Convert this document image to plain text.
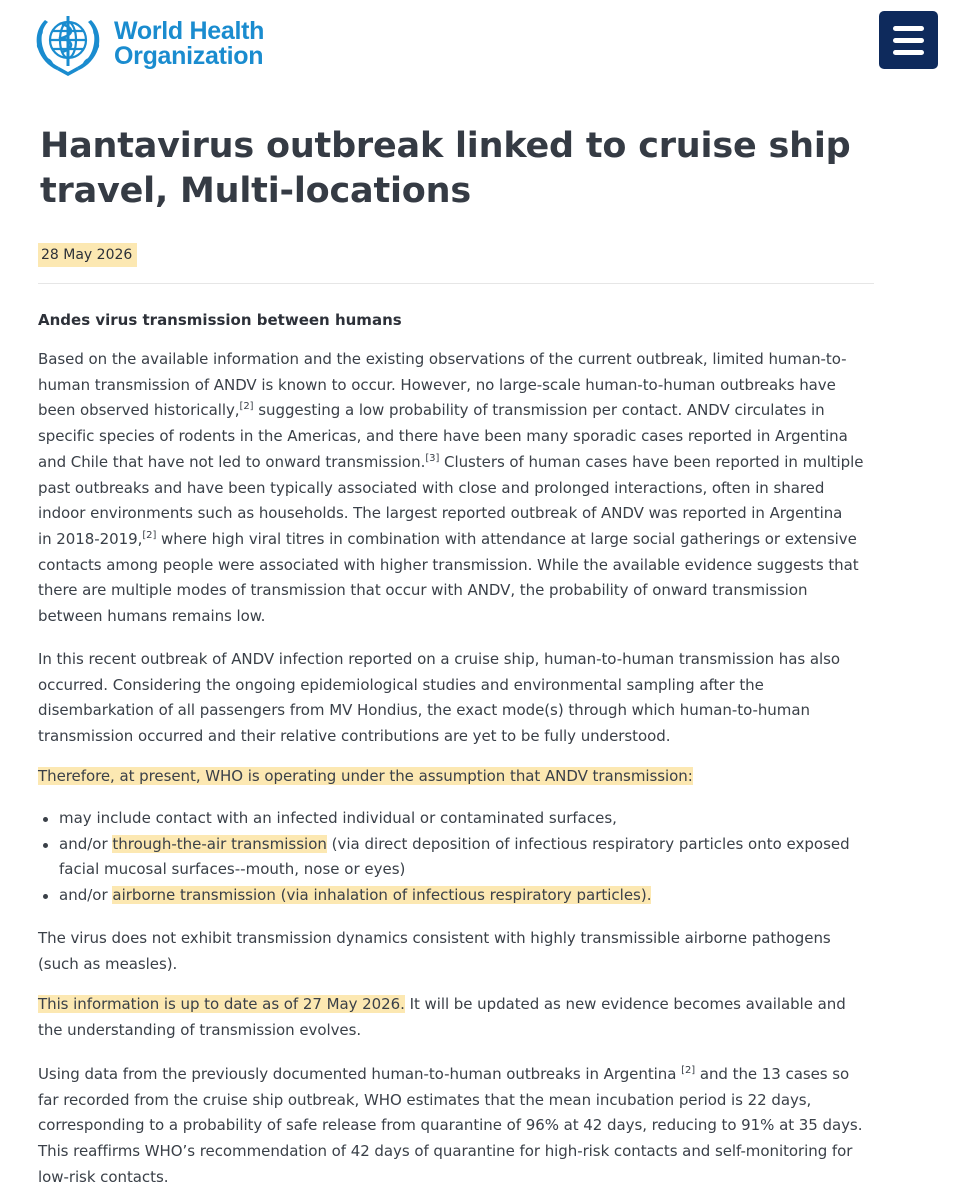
World Health
Organization
Hantavirus outbreak linked to cruise ship
travel, Multi-locations
28 May 2026
Andes virus transmission between humans

Based on the available information and the existing observations of the current outbreak, limited human-to-
human transmission of ANDV is known to occur. However, no large-scale human-to-human outbreaks have
been observed historically,[2] suggesting a low probability of transmission per contact. ANDV circulates in
specific species of rodents in the Americas, and there have been many sporadic cases reported in Argentina
and Chile that have not led to onward transmission.[3] Clusters of human cases have been reported in multiple
past outbreaks and have been typically associated with close and prolonged interactions, often in shared
indoor environments such as households. The largest reported outbreak of ANDV was reported in Argentina
in 2018-2019,[2] where high viral titres in combination with attendance at large social gatherings or extensive
contacts among people were associated with higher transmission. While the available evidence suggests that
there are multiple modes of transmission that occur with ANDV, the probability of onward transmission
between humans remains low.

In this recent outbreak of ANDV infection reported on a cruise ship, human-to-human transmission has also
occurred. Considering the ongoing epidemiological studies and environmental sampling after the
disembarkation of all passengers from MV Hondius, the exact mode(s) through which human-to-human
transmission occurred and their relative contributions are yet to be fully understood.

Therefore, at present, WHO is operating under the assumption that ANDV transmission:

may include contact with an infected individual or contaminated surfaces,
and/or through-the-air transmission (via direct deposition of infectious respiratory particles onto exposed
facial mucosal surfaces--mouth, nose or eyes)
and/or airborne transmission (via inhalation of infectious respiratory particles).

The virus does not exhibit transmission dynamics consistent with highly transmissible airborne pathogens
(such as measles).

This information is up to date as of 27 May 2026. It will be updated as new evidence becomes available and
the understanding of transmission evolves.

Using data from the previously documented human-to-human outbreaks in Argentina [2] and the 13 cases so
far recorded from the cruise ship outbreak, WHO estimates that the mean incubation period is 22 days,
corresponding to a probability of safe release from quarantine of 96% at 42 days, reducing to 91% at 35 days.
This reaffirms WHO’s recommendation of 42 days of quarantine for high-risk contacts and self-monitoring for
low-risk contacts.
